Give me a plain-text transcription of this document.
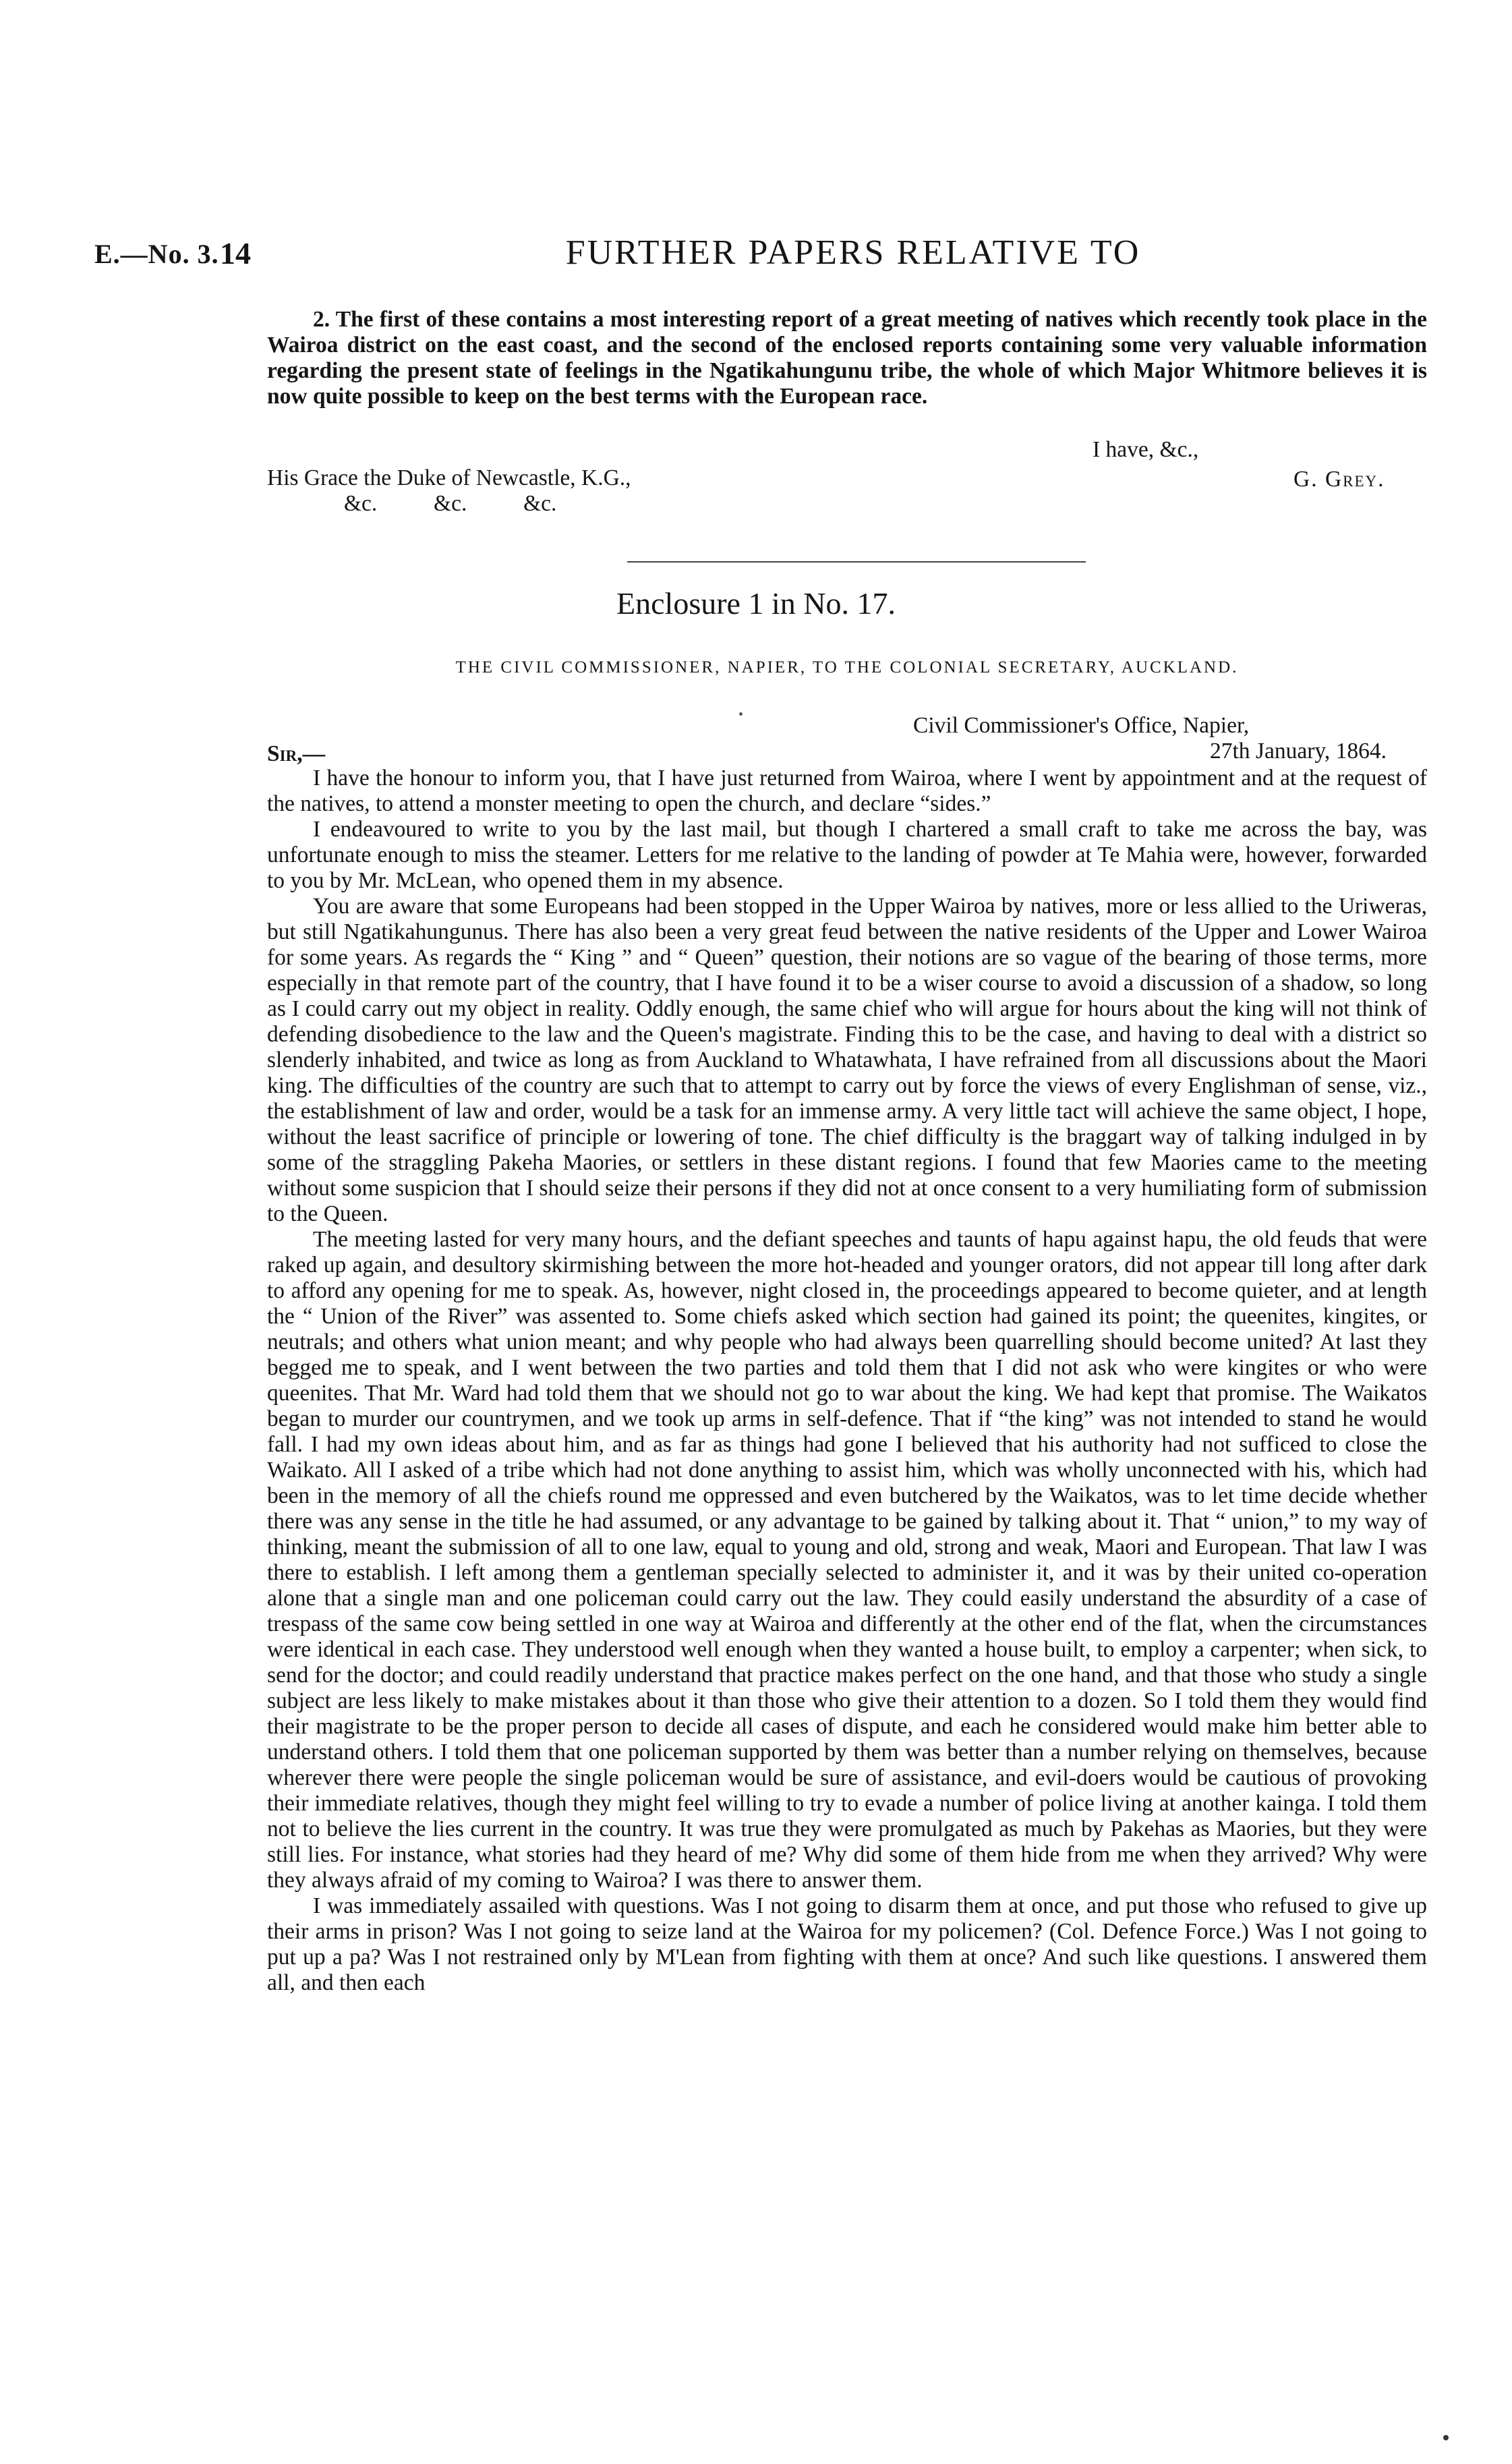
E.—No. 3. 14	FURTHER PAPERS RELATIVE TO

2. The first of these contains a most interesting report of a great meeting of natives which recently took place in the Wairoa district on the east coast, and the second of the enclosed reports containing some very valuable information regarding the present state of feelings in the Ngatikahungunu tribe, the whole of which Major Whitmore believes it is now quite possible to keep on the best terms with the European race.

I have, &c.,

His Grace the Duke of Newcastle, K.G.,

&c.          &c.          &c.

G. Grey.

Enclosure 1 in No. 17.
THE CIVIL COMMISSIONER, NAPIER, TO THE COLONIAL SECRETARY, AUCKLAND.

Civil Commissioner's Office, Napier,

27th January, 1864.

Sir,—

I have the honour to inform you, that I have just returned from Wairoa, where I went by appointment and at the request of the natives, to attend a monster meeting to open the church, and declare “sides.”

I endeavoured to write to you by the last mail, but though I chartered a small craft to take me across the bay, was unfortunate enough to miss the steamer. Letters for me relative to the landing of powder at Te Mahia were, however, forwarded to you by Mr. McLean, who opened them in my absence.

You are aware that some Europeans had been stopped in the Upper Wairoa by natives, more or less allied to the Uriweras, but still Ngatikahungunus. There has also been a very great feud between the native residents of the Upper and Lower Wairoa for some years. As regards the “ King ” and “ Queen” question, their notions are so vague of the bearing of those terms, more especially in that remote part of the country, that I have found it to be a wiser course to avoid a discussion of a shadow, so long as I could carry out my object in reality. Oddly enough, the same chief who will argue for hours about the king will not think of defending disobedience to the law and the Queen's magistrate. Finding this to be the case, and having to deal with a district so slenderly inhabited, and twice as long as from Auckland to Whatawhata, I have refrained from all discussions about the Maori king. The difficulties of the country are such that to attempt to carry out by force the views of every Englishman of sense, viz., the establishment of law and order, would be a task for an immense army. A very little tact will achieve the same object, I hope, without the least sacrifice of principle or lowering of tone. The chief difficulty is the braggart way of talking indulged in by some of the straggling Pakeha Maories, or settlers in these distant regions. I found that few Maories came to the meeting without some suspicion that I should seize their persons if they did not at once consent to a very humiliating form of submission to the Queen.

The meeting lasted for very many hours, and the defiant speeches and taunts of hapu against hapu, the old feuds that were raked up again, and desultory skirmishing between the more hot-headed and younger orators, did not appear till long after dark to afford any opening for me to speak. As, however, night closed in, the proceedings appeared to become quieter, and at length the “ Union of the River” was assented to. Some chiefs asked which section had gained its point; the queenites, kingites, or neutrals; and others what union meant; and why people who had always been quarrelling should become united? At last they begged me to speak, and I went between the two parties and told them that I did not ask who were kingites or who were queenites. That Mr. Ward had told them that we should not go to war about the king. We had kept that promise. The Waikatos began to murder our countrymen, and we took up arms in self-defence. That if “the king” was not intended to stand he would fall. I had my own ideas about him, and as far as things had gone I believed that his authority had not sufficed to close the Waikato. All I asked of a tribe which had not done anything to assist him, which was wholly unconnected with his, which had been in the memory of all the chiefs round me oppressed and even butchered by the Waikatos, was to let time decide whether there was any sense in the title he had assumed, or any advantage to be gained by talking about it. That “ union,” to my way of thinking, meant the submission of all to one law, equal to young and old, strong and weak, Maori and European. That law I was there to establish. I left among them a gentleman specially selected to administer it, and it was by their united co-operation alone that a single man and one policeman could carry out the law. They could easily understand the absurdity of a case of trespass of the same cow being settled in one way at Wairoa and differently at the other end of the flat, when the circumstances were identical in each case. They understood well enough when they wanted a house built, to employ a carpenter; when sick, to send for the doctor; and could readily understand that practice makes perfect on the one hand, and that those who study a single subject are less likely to make mistakes about it than those who give their attention to a dozen. So I told them they would find their magistrate to be the proper person to decide all cases of dispute, and each he considered would make him better able to understand others. I told them that one policeman supported by them was better than a number relying on themselves, because wherever there were people the single policeman would be sure of assistance, and evil-doers would be cautious of provoking their immediate relatives, though they might feel willing to try to evade a number of police living at another kainga. I told them not to believe the lies current in the country. It was true they were promulgated as much by Pakehas as Maories, but they were still lies. For instance, what stories had they heard of me? Why did some of them hide from me when they arrived? Why were they always afraid of my coming to Wairoa? I was there to answer them.

I was immediately assailed with questions. Was I not going to disarm them at once, and put those who refused to give up their arms in prison? Was I not going to seize land at the Wairoa for my policemen? (Col. Defence Force.) Was I not going to put up a pa? Was I not restrained only by M'Lean from fighting with them at once? And such like questions. I answered them all, and then each
